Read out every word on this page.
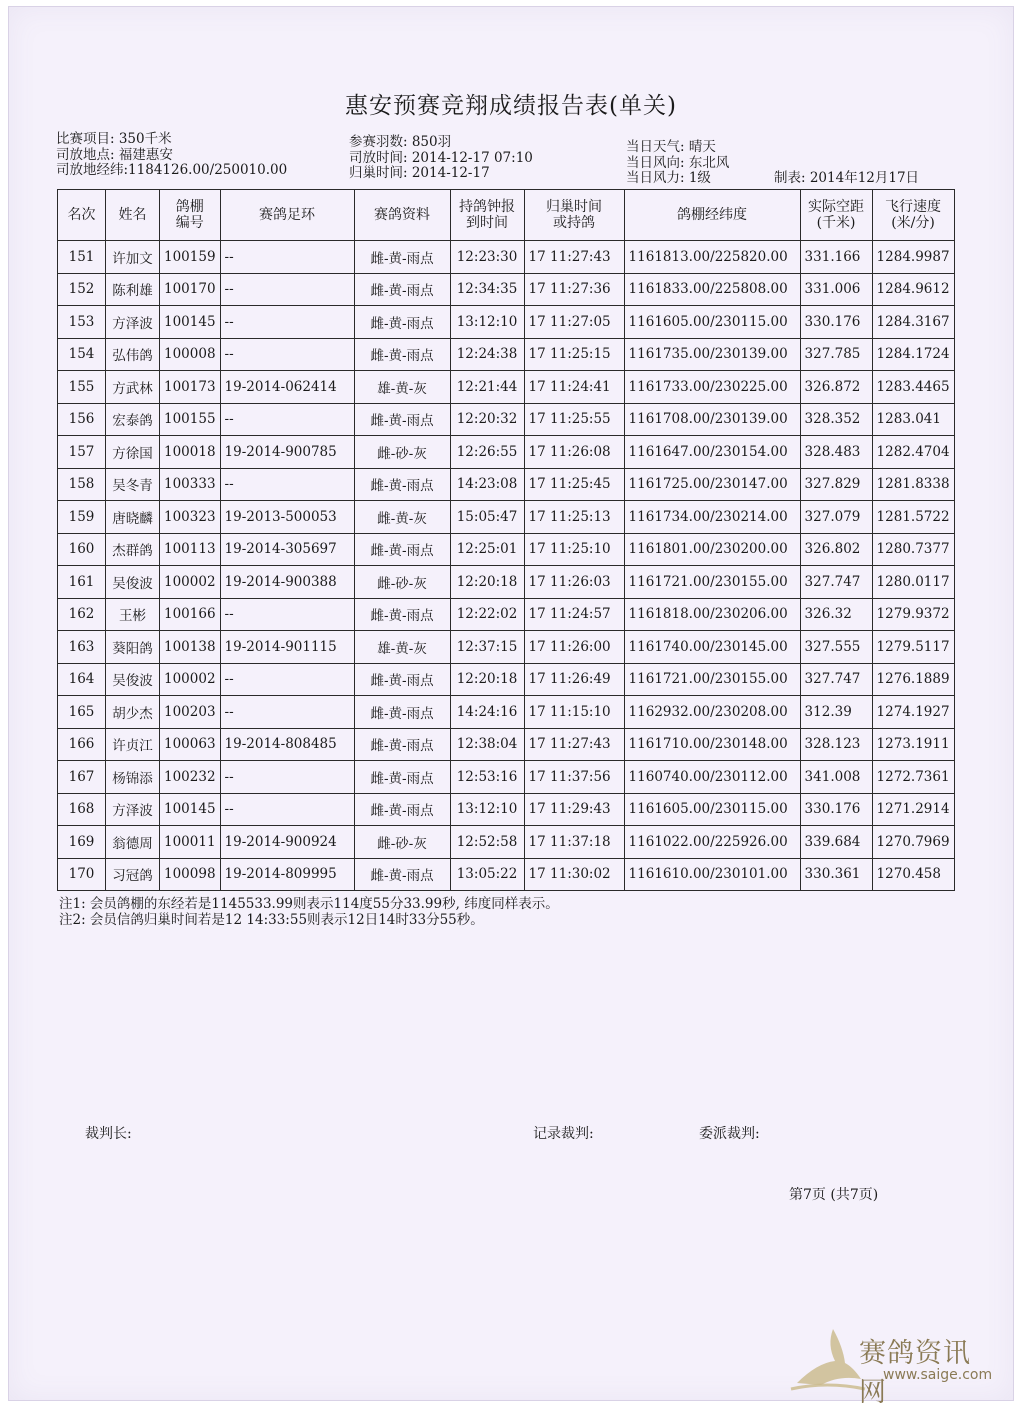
惠安预赛竞翔成绩报告表(单关)
比赛项目: 350千米
司放地点: 福建惠安
司放地经纬:1184126.00/250010.00
参赛羽数: 850羽
司放时间: 2014-12-17 07:10
归巢时间: 2014-12-17
当日天气: 晴天
当日风向: 东北风
当日风力: 1级	制表: 2014年12月17日
名次	姓名	鸽棚编号	赛鸽足环	赛鸽资料	持鸽钟报到时间	归巢时间或持鸽	鸽棚经纬度	实际空距(千米)	飞行速度(米/分)
151	许加文	100159	--	雌-黄-雨点	12:23:30	17 11:27:43	1161813.00/225820.00	331.166	1284.9987
152	陈利雄	100170	--	雌-黄-雨点	12:34:35	17 11:27:36	1161833.00/225808.00	331.006	1284.9612
153	方泽波	100145	--	雌-黄-雨点	13:12:10	17 11:27:05	1161605.00/230115.00	330.176	1284.3167
154	弘伟鸽	100008	--	雌-黄-雨点	12:24:38	17 11:25:15	1161735.00/230139.00	327.785	1284.1724
155	方武林	100173	19-2014-062414	雄-黄-灰	12:21:44	17 11:24:41	1161733.00/230225.00	326.872	1283.4465
156	宏泰鸽	100155	--	雌-黄-雨点	12:20:32	17 11:25:55	1161708.00/230139.00	328.352	1283.041
157	方徐国	100018	19-2014-900785	雌-砂-灰	12:26:55	17 11:26:08	1161647.00/230154.00	328.483	1282.4704
158	吴冬青	100333	--	雌-黄-雨点	14:23:08	17 11:25:45	1161725.00/230147.00	327.829	1281.8338
159	唐晓麟	100323	19-2013-500053	雌-黄-灰	15:05:47	17 11:25:13	1161734.00/230214.00	327.079	1281.5722
160	杰群鸽	100113	19-2014-305697	雌-黄-雨点	12:25:01	17 11:25:10	1161801.00/230200.00	326.802	1280.7377
161	吴俊波	100002	19-2014-900388	雌-砂-灰	12:20:18	17 11:26:03	1161721.00/230155.00	327.747	1280.0117
162	王彬	100166	--	雌-黄-雨点	12:22:02	17 11:24:57	1161818.00/230206.00	326.32	1279.9372
163	葵阳鸽	100138	19-2014-901115	雄-黄-灰	12:37:15	17 11:26:00	1161740.00/230145.00	327.555	1279.5117
164	吴俊波	100002	--	雌-黄-雨点	12:20:18	17 11:26:49	1161721.00/230155.00	327.747	1276.1889
165	胡少杰	100203	--	雌-黄-雨点	14:24:16	17 11:15:10	1162932.00/230208.00	312.39	1274.1927
166	许贞江	100063	19-2014-808485	雌-黄-雨点	12:38:04	17 11:27:43	1161710.00/230148.00	328.123	1273.1911
167	杨锦添	100232	--	雌-黄-雨点	12:53:16	17 11:37:56	1160740.00/230112.00	341.008	1272.7361
168	方泽波	100145	--	雌-黄-雨点	13:12:10	17 11:29:43	1161605.00/230115.00	330.176	1271.2914
169	翁德周	100011	19-2014-900924	雌-砂-灰	12:52:58	17 11:37:18	1161022.00/225926.00	339.684	1270.7969
170	习冠鸽	100098	19-2014-809995	雌-黄-雨点	13:05:22	17 11:30:02	1161610.00/230101.00	330.361	1270.458
注1: 会员鸽棚的东经若是1145533.99则表示114度55分33.99秒, 纬度同样表示。
注2: 会员信鸽归巢时间若是12 14:33:55则表示12日14时33分55秒。
裁判长:	记录裁判:	委派裁判:
第7页 (共7页)
赛鸽资讯网
www.saige.com
